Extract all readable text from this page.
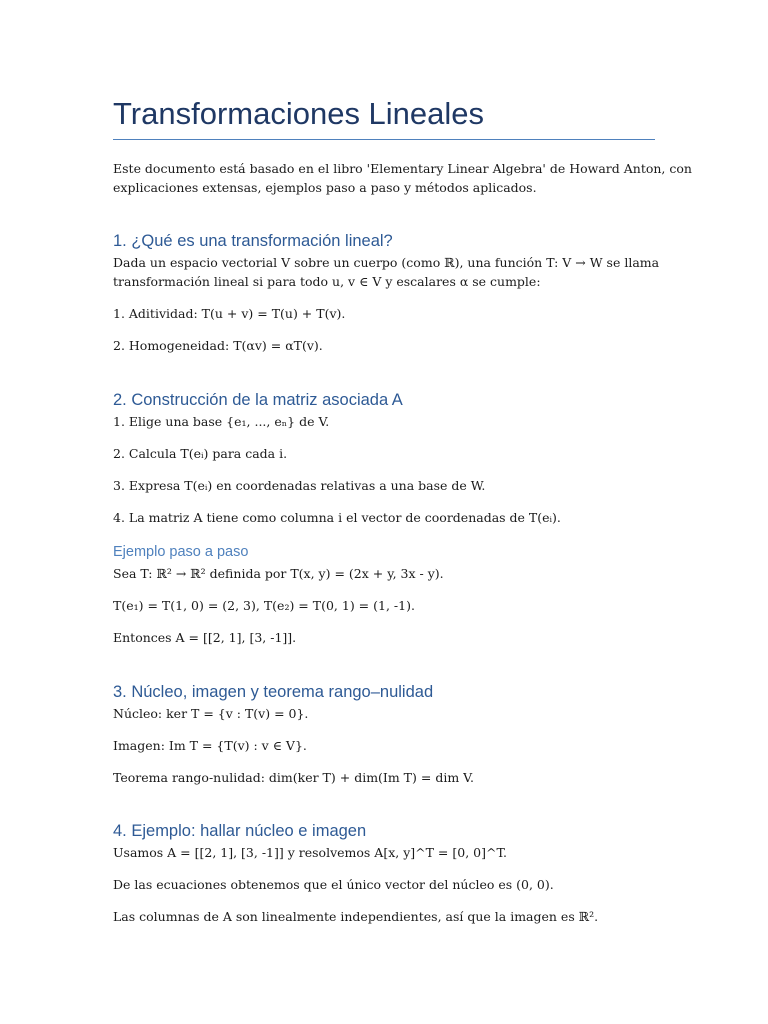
Transformaciones Lineales
Este documento está basado en el libro 'Elementary Linear Algebra' de Howard Anton, con
explicaciones extensas, ejemplos paso a paso y métodos aplicados.
1. ¿Qué es una transformación lineal?
Dada un espacio vectorial V sobre un cuerpo (como ℝ), una función T: V → W se llama
transformación lineal si para todo u, v ∈ V y escalares α se cumple:
1. Aditividad: T(u + v) = T(u) + T(v).
2. Homogeneidad: T(αv) = αT(v).
2. Construcción de la matriz asociada A
1. Elige una base {e₁, ..., eₙ} de V.
2. Calcula T(eᵢ) para cada i.
3. Expresa T(eᵢ) en coordenadas relativas a una base de W.
4. La matriz A tiene como columna i el vector de coordenadas de T(eᵢ).
Ejemplo paso a paso
Sea T: ℝ² → ℝ² definida por T(x, y) = (2x + y, 3x - y).
T(e₁) = T(1, 0) = (2, 3), T(e₂) = T(0, 1) = (1, -1).
Entonces A = [[2, 1], [3, -1]].
3. Núcleo, imagen y teorema rango–nulidad
Núcleo: ker T = {v : T(v) = 0}.
Imagen: Im T = {T(v) : v ∈ V}.
Teorema rango-nulidad: dim(ker T) + dim(Im T) = dim V.
4. Ejemplo: hallar núcleo e imagen
Usamos A = [[2, 1], [3, -1]] y resolvemos A[x, y]^T = [0, 0]^T.
De las ecuaciones obtenemos que el único vector del núcleo es (0, 0).
Las columnas de A son linealmente independientes, así que la imagen es ℝ².
